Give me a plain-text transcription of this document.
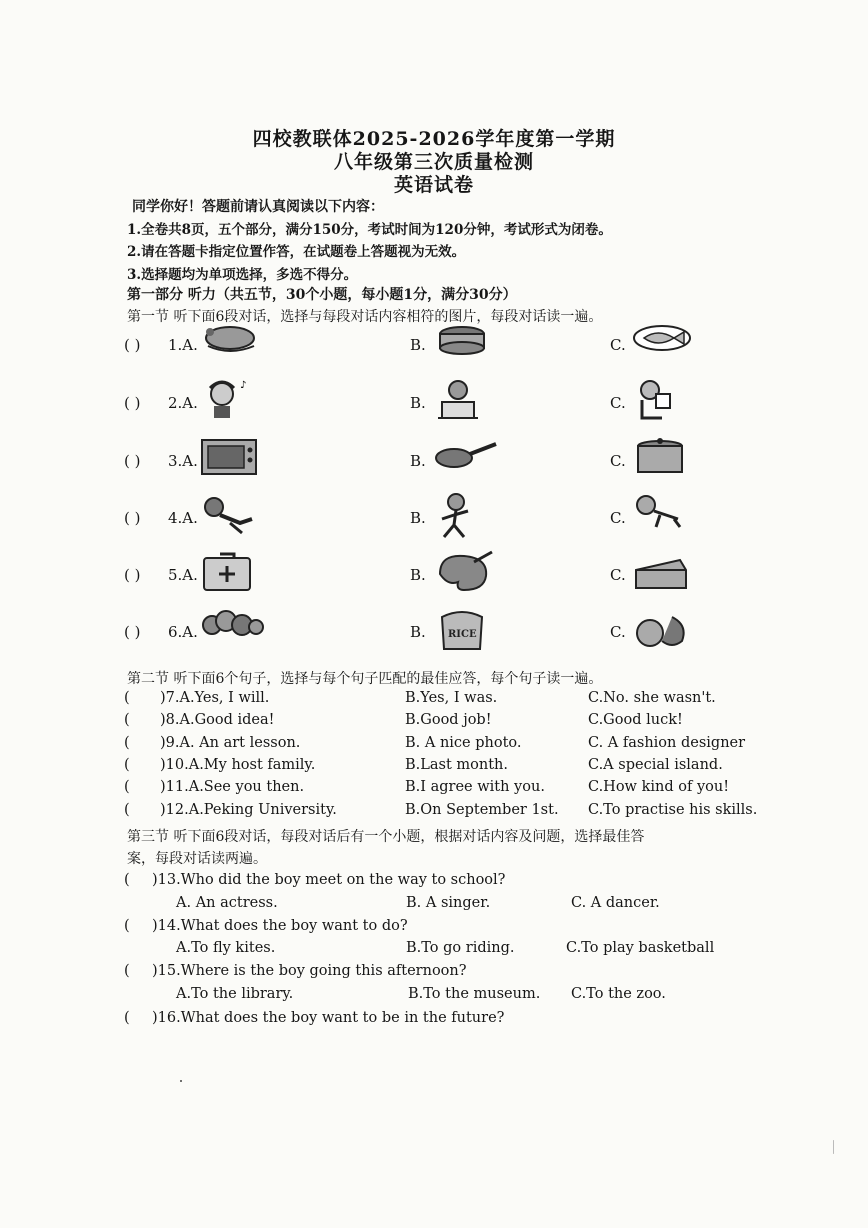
四校教联体2025-2026学年度第一学期
八年级第三次质量检测
英语试卷
同学你好！答题前请认真阅读以下内容：
1.全卷共8页，五个部分，满分150分，考试时间为120分钟，考试形式为闭卷。
2.请在答题卡指定位置作答，在试题卷上答题视为无效。
3.选择题均为单项选择，多选不得分。
第一部分 听力（共五节，30个小题，每小题1分，满分30分）
第一节 听下面6段对话，选择与每段对话内容相符的图片，每段对话读一遍。
( ) 1.A.	B.	C.
( ) 2.A.	B.	C.
♪
( ) 3.A.	B.	C.
( ) 4.A.	B.	C.
( ) 5.A.	B.	C.
( ) 6.A.	B.	C.
RICE
第二节 听下面6个句子，选择与每个句子匹配的最佳应答，每个句子读一遍。
( )7.A.Yes, I will.	B.Yes, I was.	C.No. she wasn't.
( )8.A.Good idea!	B.Good job!	C.Good luck!
( )9.A. An art lesson.	B. A nice photo.	C. A fashion designer
( )10.A.My host family.	B.Last month.	C.A special island.
( )11.A.See you then.	B.I agree with you.	C.How kind of you!
( )12.A.Peking University.	B.On September 1st. C.To practise his skills.
第三节 听下面6段对话，每段对话后有一个小题，根据对话内容及问题，选择最佳答
案，每段对话读两遍。
( )13.Who did the boy meet on the way to school?
A. An actress.	B. A singer.	C. A dancer.
( )14.What does the boy want to do?
A.To fly kites.	B.To go riding.	C.To play basketball
( )15.Where is the boy going this afternoon?
A.To the library.	B.To the museum. C.To the zoo.
( )16.What does the boy want to be in the future?
